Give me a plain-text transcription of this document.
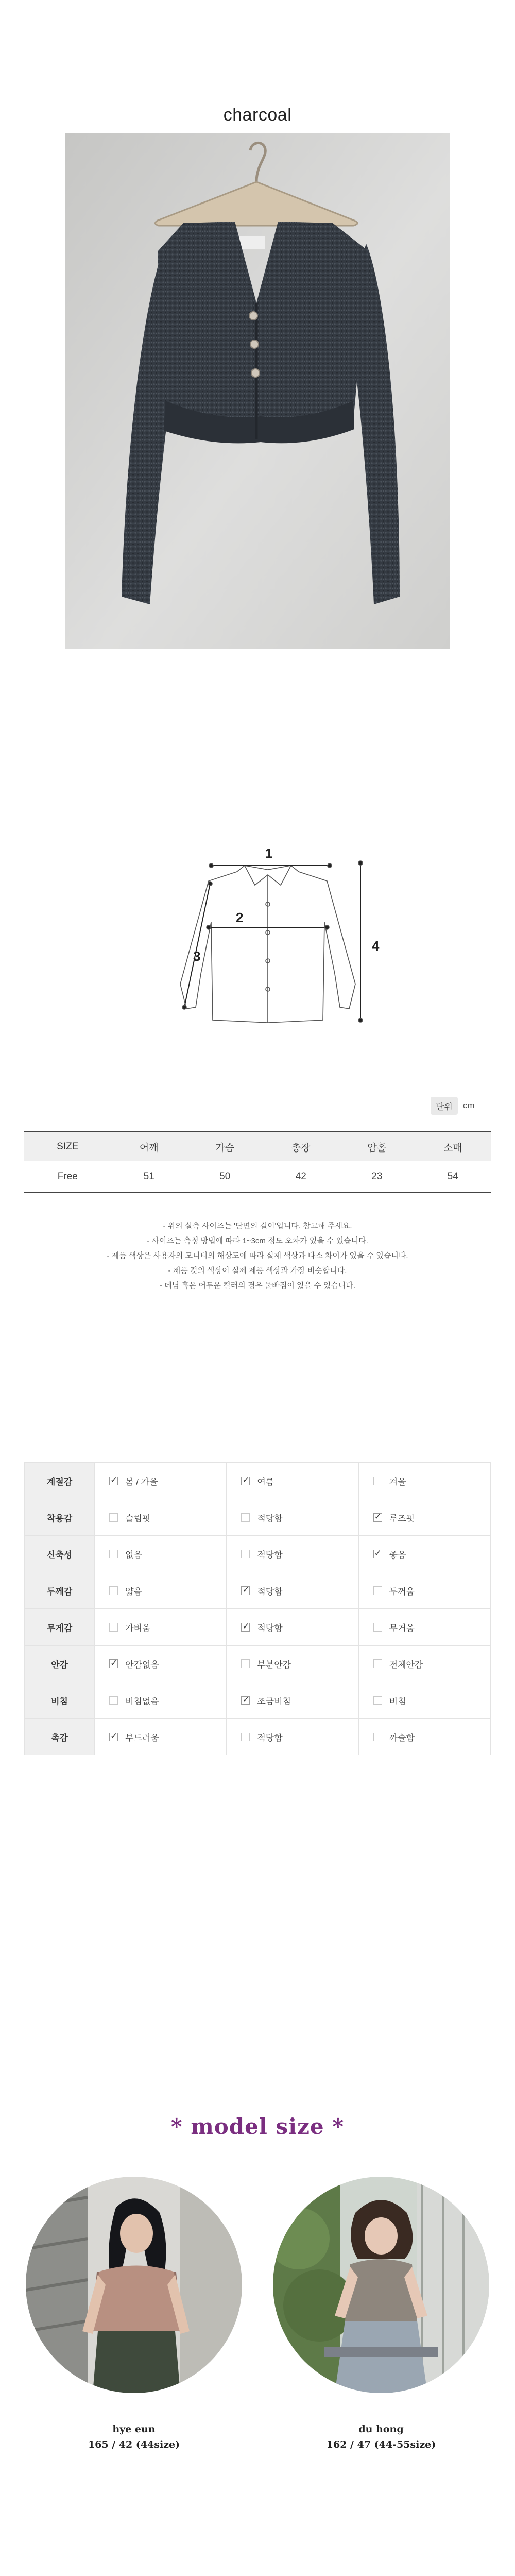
charcoal
1
2
3
4
단위	cm
SIZE	어깨	가슴	총장	암홀	소매
Free	51	50	42	23	54
- 위의 실측 사이즈는 '단면의 길이'입니다. 참고해 주세요.
- 사이즈는 측정 방법에 따라 1~3cm 정도 오차가 있을 수 있습니다.
- 제품 색상은 사용자의 모니터의 해상도에 따라 실제 색상과 다소 차이가 있을 수 있습니다.
- 제품 컷의 색상이 실제 제품 색상과 가장 비슷합니다.
- 데님 혹은 어두운 컬러의 경우 물빠짐이 있을 수 있습니다.
계절감	✓봄 / 가을	✓여름	겨울
착용감	슬림핏	적당함	✓루즈핏
신축성	없음	적당함	✓좋음
두께감	얇음	✓적당함	두꺼움
무게감	가벼움	✓적당함	무거움
안감	✓안감없음	부분안감	전체안감
비침	비침없음	✓조금비침	비침
촉감	✓부드러움	적당함	까슬함
* model size *
hye eun
165 / 42 (44size)
du hong
162 / 47 (44-55size)
